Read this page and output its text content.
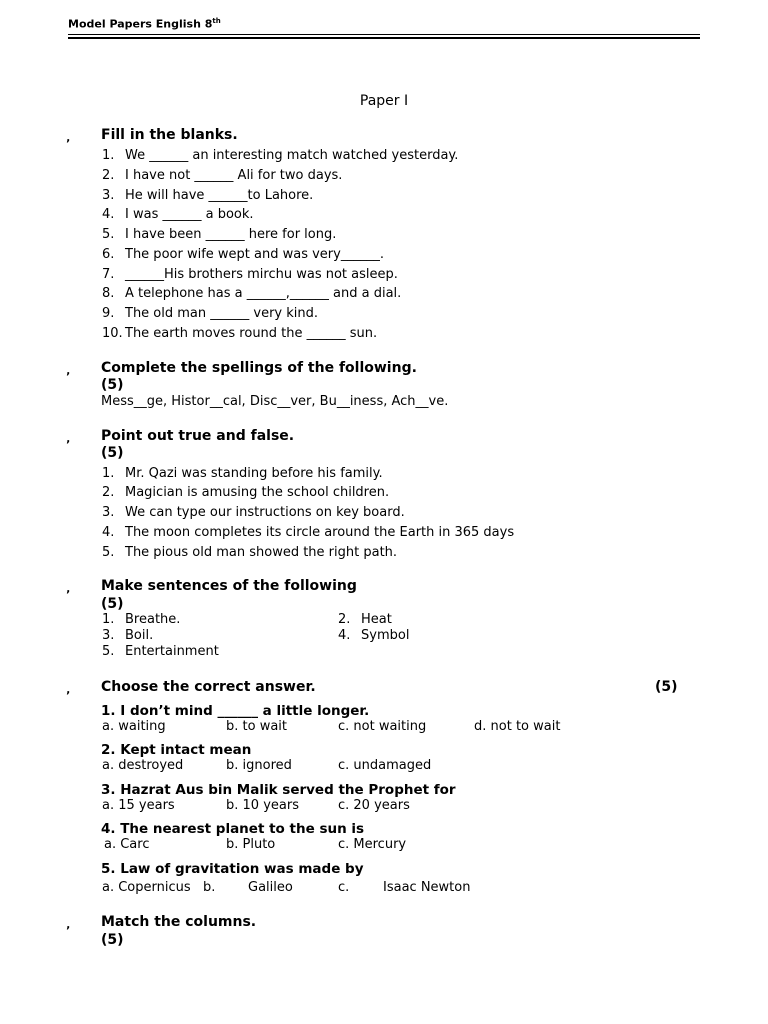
Model Papers English 8th
Paper I
‚ Fill in the blanks.
1. We ______ an interesting match watched yesterday.
2. I have not ______ Ali for two days.
3. He will have ______to Lahore.
4. I was ______ a book.
5. I have been ______ here for long.
6. The poor wife wept and was very______.
7. ______His brothers mirchu was not asleep.
8. A telephone has a ______,______ and a dial.
9. The old man ______ very kind.
10. The earth moves round the ______ sun.
‚ Complete the spellings of the following.
(5)
Mess__ge, Histor__cal, Disc__ver, Bu__iness, Ach__ve.
‚ Point out true and false.
(5)
1. Mr. Qazi was standing before his family.
2. Magician is amusing the school children.
3. We can type our instructions on key board.
4. The moon completes its circle around the Earth in 365 days
5. The pious old man showed the right path.
‚ Make sentences of the following
(5)
1. Breathe.	2. Heat
3. Boil.	4. Symbol
5. Entertainment
‚ Choose the correct answer.	(5)
1. I don’t mind ______ a little longer.
a. waiting	b. to wait	c. not waiting	d. not to wait
2. Kept intact mean
a. destroyed	b. ignored	c. undamaged
3. Hazrat Aus bin Malik served the Prophet for
a. 15 years	b. 10 years	c. 20 years
4. The nearest planet to the sun is
a. Carc	b. Pluto	c. Mercury
5. Law of gravitation was made by
a. Copernicus b.	Galileo	c.	Isaac Newton
‚ Match the columns.
(5)
